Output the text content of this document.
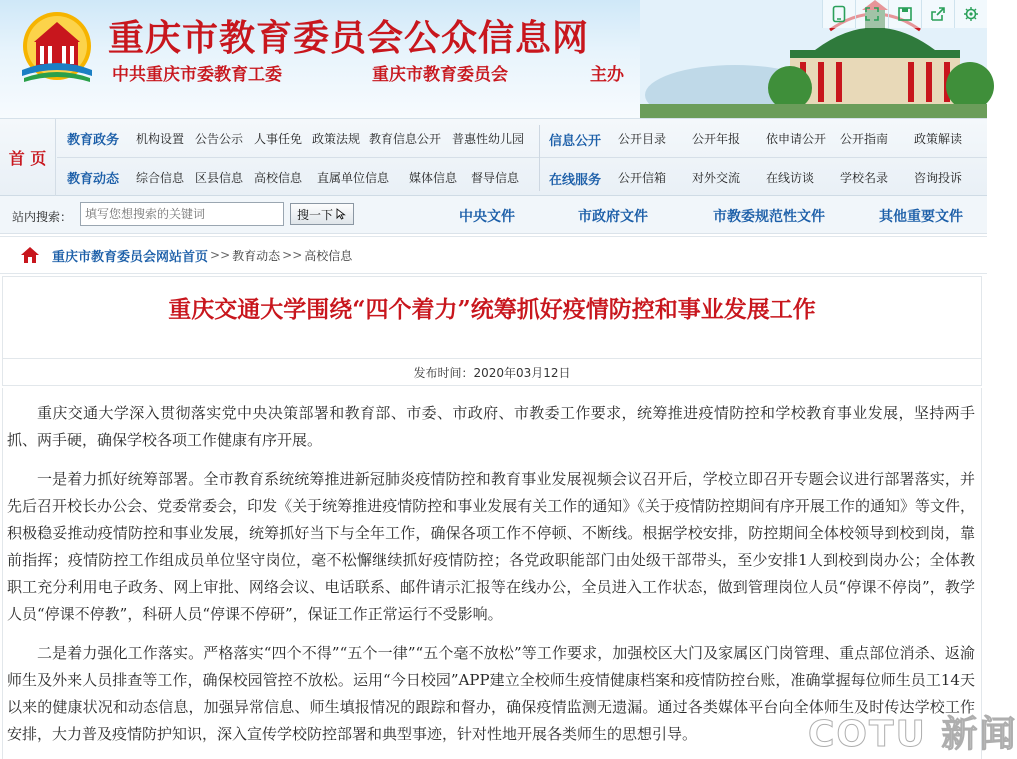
重庆市教育委员会公众信息网
中共重庆市委教育工委	重庆市教育委员会	主办
首 页
教育政务	机构设置 公告公示 人事任免 政策法规 教育信息公开 普惠性幼儿园
教育动态	综合信息 区县信息 高校信息 直属单位信息 媒体信息 督导信息
信息公开	公开目录 公开年报 依申请公开 公开指南 政策解读
在线服务	公开信箱 对外交流 在线访谈 学校名录 咨询投诉
站内搜索：
填写您想搜索的关键词	搜一下	中央文件	市政府文件	市教委规范性文件	其他重要文件
重庆市教育委员会网站首页 >> 教育动态 >> 高校信息
重庆交通大学围绕“四个着力”统筹抓好疫情防控和事业发展工作
发布时间：2020年03月12日

重庆交通大学深入贯彻落实党中央决策部署和教育部、市委、市政府、市教委工作要求，统筹推进疫情防控和学校教育事业发展，坚持两手抓、两手硬，确保学校各项工作健康有序开展。

一是着力抓好统筹部署。全市教育系统统筹推进新冠肺炎疫情防控和教育事业发展视频会议召开后，学校立即召开专题会议进行部署落实，并先后召开校长办公会、党委常委会，印发《关于统筹推进疫情防控和事业发展有关工作的通知》《关于疫情防控期间有序开展工作的通知》等文件，积极稳妥推动疫情防控和事业发展，统筹抓好当下与全年工作，确保各项工作不停顿、不断线。根据学校安排，防控期间全体校领导到校到岗，靠前指挥；疫情防控工作组成员单位坚守岗位，毫不松懈继续抓好疫情防控；各党政职能部门由处级干部带头，至少安排1人到校到岗办公；全体教职工充分利用电子政务、网上审批、网络会议、电话联系、邮件请示汇报等在线办公，全员进入工作状态，做到管理岗位人员“停课不停岗”，教学人员“停课不停教”，科研人员“停课不停研”，保证工作正常运行不受影响。

二是着力强化工作落实。严格落实“四个不得”“五个一律”“五个毫不放松”等工作要求，加强校区大门及家属区门岗管理、重点部位消杀、返渝师生及外来人员排查等工作，确保校园管控不放松。运用“今日校园”APP建立全校师生疫情健康档案和疫情防控台账，准确掌握每位师生员工14天以来的健康状况和动态信息，加强异常信息、师生填报情况的跟踪和督办，确保疫情监测无遗漏。通过各类媒体平台向全体师生及时传达学校工作安排，大力普及疫情防护知识，深入宣传学校防控部署和典型事迹，针对性地开展各类师生的思想引导。	COTU 新闻
